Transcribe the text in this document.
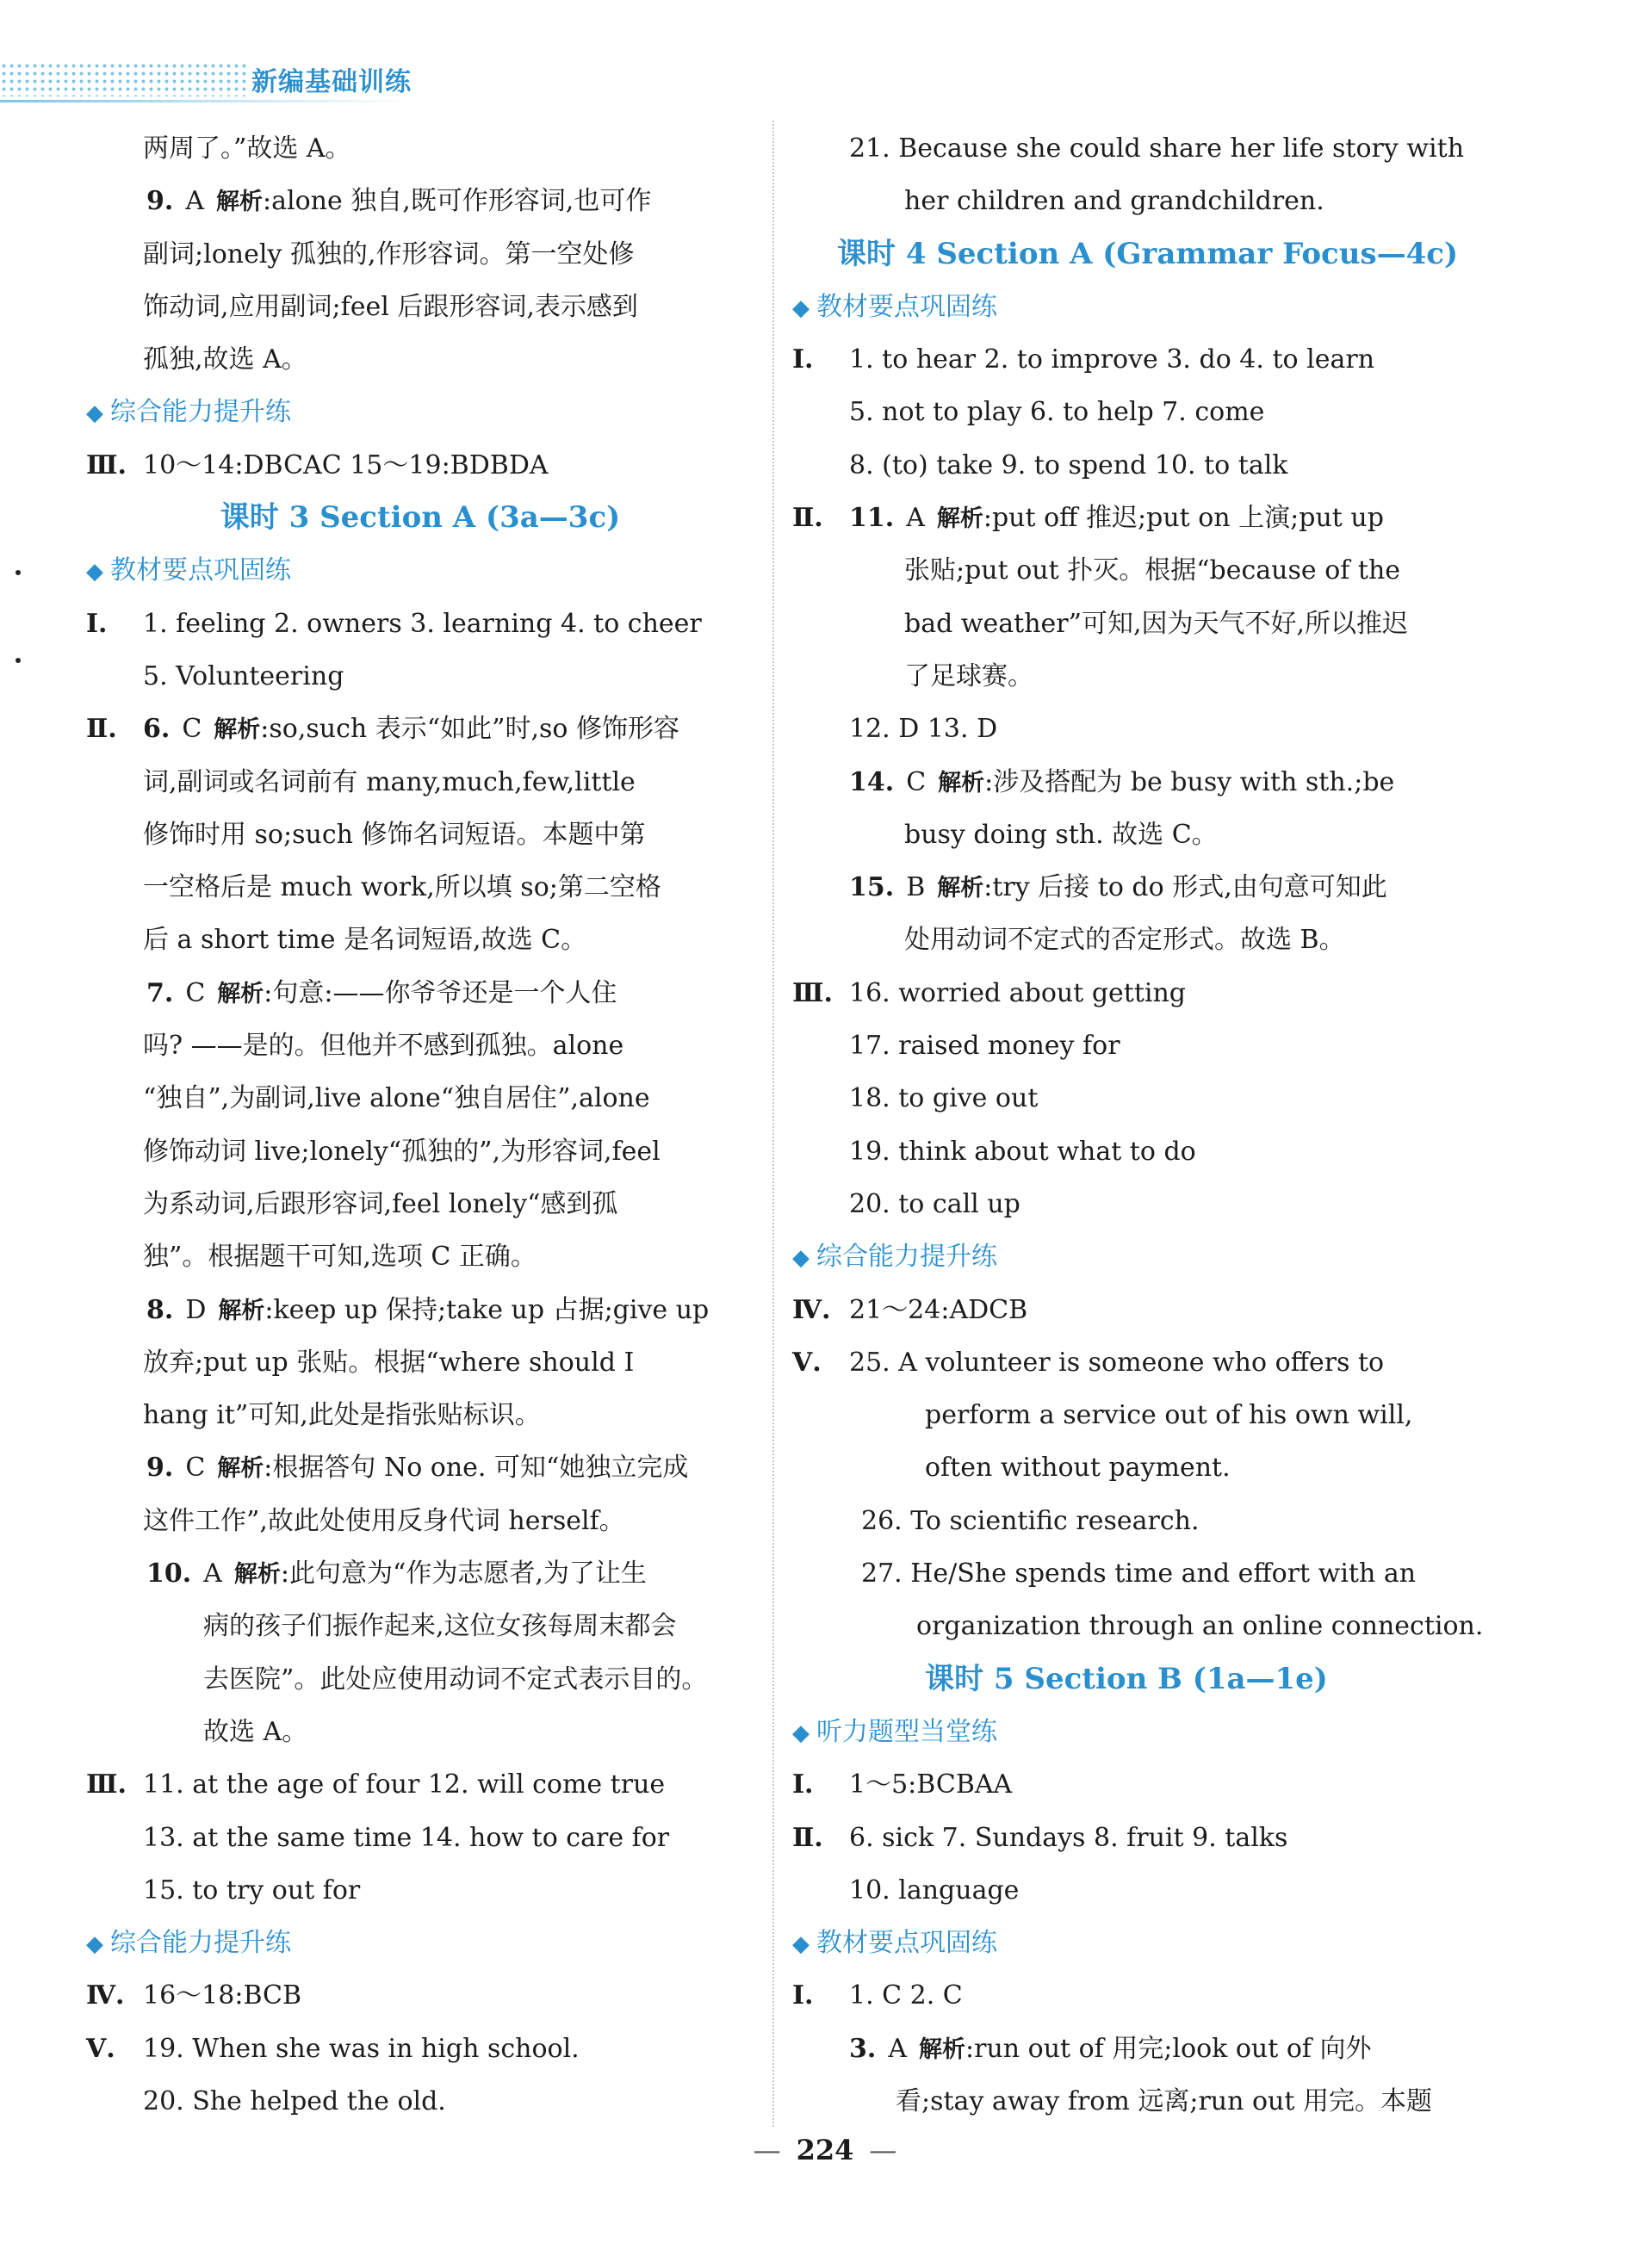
新编基础训练
两周了。”故选 A。
9. A 解析:alone 独自,既可作形容词,也可作
副词;lonely 孤独的,作形容词。第一空处修
饰动词,应用副词;feel 后跟形容词,表示感到
孤独,故选 A。
◆ 综合能力提升练
Ⅲ. 10～14:DBCAC 15～19:BDBDA
课时 3 Section A (3a—3c)
◆ 教材要点巩固练
Ⅰ. 1. feeling 2. owners 3. learning 4. to cheer
5. Volunteering
Ⅱ. 6. C 解析:so,such 表示“如此”时,so 修饰形容
词,副词或名词前有 many,much,few,little
修饰时用 so;such 修饰名词短语。本题中第
一空格后是 much work,所以填 so;第二空格
后 a short time 是名词短语,故选 C。
7. C 解析:句意:——你爷爷还是一个人住
吗? ——是的。但他并不感到孤独。alone
“独自”,为副词,live alone“独自居住”,alone
修饰动词 live;lonely“孤独的”,为形容词,feel
为系动词,后跟形容词,feel lonely“感到孤
独”。根据题干可知,选项 C 正确。
8. D 解析:keep up 保持;take up 占据;give up
放弃;put up 张贴。根据“where should I
hang it”可知,此处是指张贴标识。
9. C 解析:根据答句 No one. 可知“她独立完成
这件工作”,故此处使用反身代词 herself。
10. A 解析:此句意为“作为志愿者,为了让生
病的孩子们振作起来,这位女孩每周末都会
去医院”。此处应使用动词不定式表示目的。
故选 A。
Ⅲ. 11. at the age of four 12. will come true
13. at the same time 14. how to care for
15. to try out for
◆ 综合能力提升练
Ⅳ. 16～18:BCB
Ⅴ. 19. When she was in high school.
20. She helped the old.
21. Because she could share her life story with
her children and grandchildren.
课时 4 Section A (Grammar Focus—4c)
◆ 教材要点巩固练
Ⅰ. 1. to hear 2. to improve 3. do 4. to learn
5. not to play 6. to help 7. come
8. (to) take 9. to spend 10. to talk
Ⅱ. 11. A 解析:put off 推迟;put on 上演;put up
张贴;put out 扑灭。根据“because of the
bad weather”可知,因为天气不好,所以推迟
了足球赛。
12. D 13. D
14. C 解析:涉及搭配为 be busy with sth.;be
busy doing sth. 故选 C。
15. B 解析:try 后接 to do 形式,由句意可知此
处用动词不定式的否定形式。故选 B。
Ⅲ. 16. worried about getting
17. raised money for
18. to give out
19. think about what to do
20. to call up
◆ 综合能力提升练
Ⅳ. 21～24:ADCB
Ⅴ. 25. A volunteer is someone who offers to
perform a service out of his own will,
often without payment.
26. To scientific research.
27. He/She spends time and effort with an
organization through an online connection.
课时 5 Section B (1a—1e)
◆ 听力题型当堂练
Ⅰ. 1～5:BCBAA
Ⅱ. 6. sick 7. Sundays 8. fruit 9. talks
10. language
◆ 教材要点巩固练
Ⅰ. 1. C 2. C
3. A 解析:run out of 用完;look out of 向外
看;stay away from 远离;run out 用完。本题
— 224 —
